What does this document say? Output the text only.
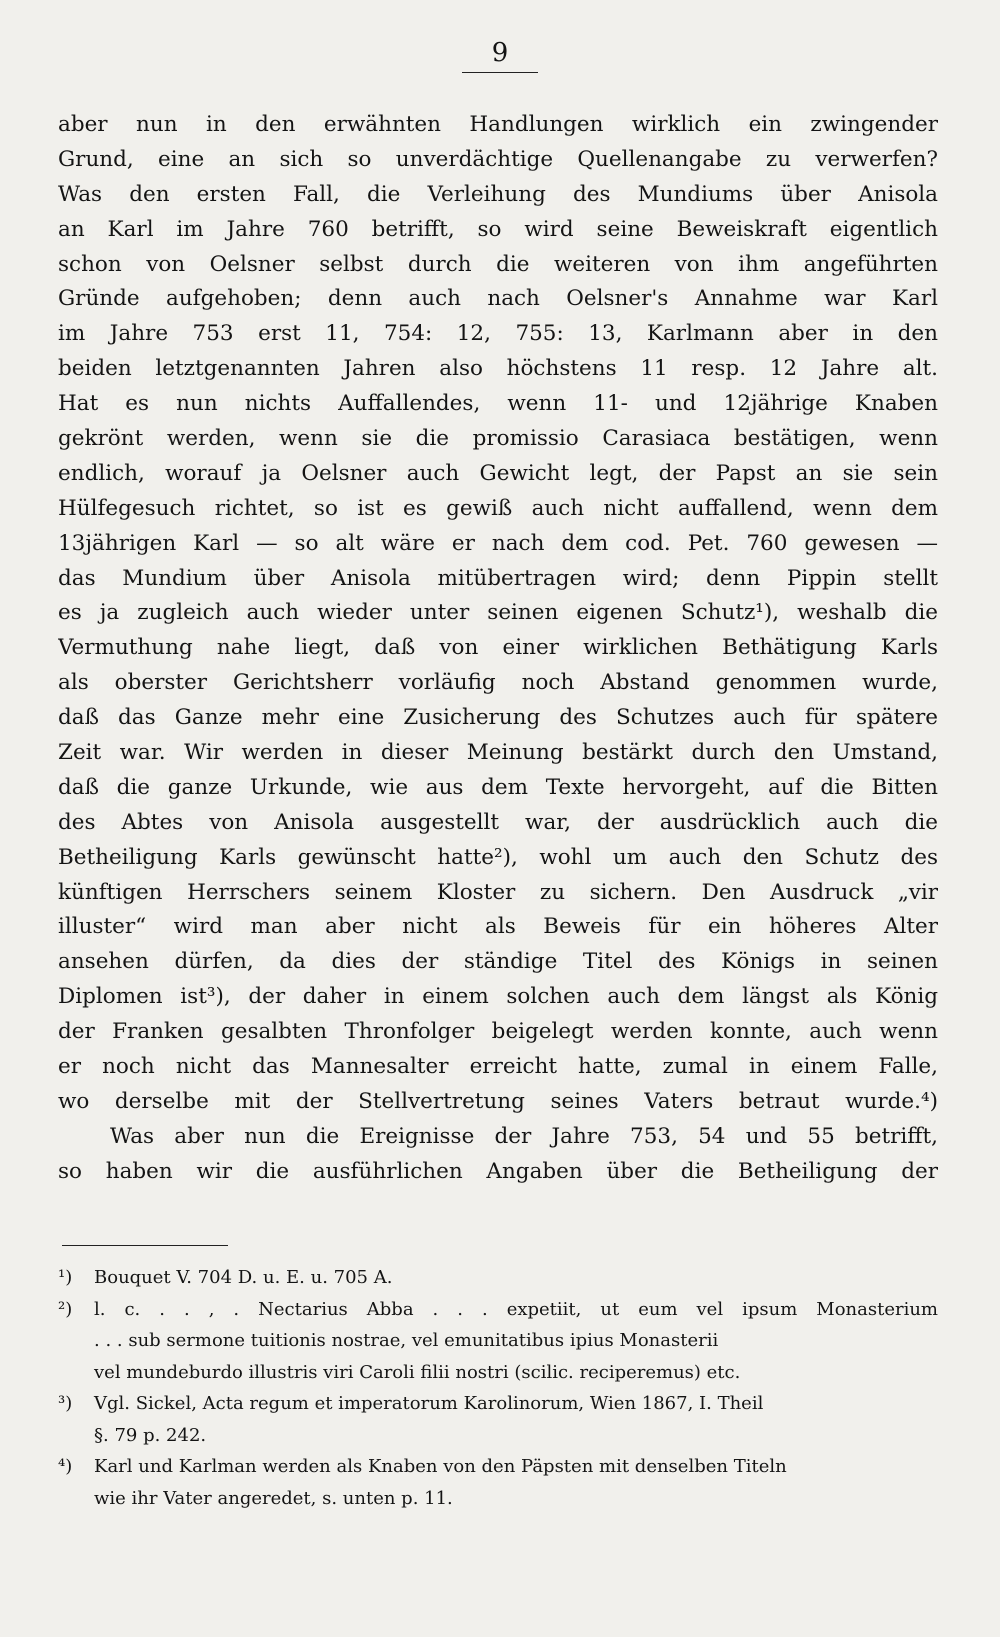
9
aber nun in den erwähnten Handlungen wirklich ein zwingender
Grund, eine an sich so unverdächtige Quellenangabe zu verwerfen?
Was den ersten Fall, die Verleihung des Mundiums über Anisola
an Karl im Jahre 760 betrifft, so wird seine Beweiskraft eigentlich
schon von Oelsner selbst durch die weiteren von ihm angeführten
Gründe aufgehoben; denn auch nach Oelsner's Annahme war Karl
im Jahre 753 erst 11, 754: 12, 755: 13, Karlmann aber in den
beiden letztgenannten Jahren also höchstens 11 resp. 12 Jahre alt.
Hat es nun nichts Auffallendes, wenn 11- und 12jährige Knaben
gekrönt werden, wenn sie die promissio Carasiaca bestätigen, wenn
endlich, worauf ja Oelsner auch Gewicht legt, der Papst an sie sein
Hülfegesuch richtet, so ist es gewiß auch nicht auffallend, wenn dem
13jährigen Karl — so alt wäre er nach dem cod. Pet. 760 gewesen —
das Mundium über Anisola mitübertragen wird; denn Pippin stellt
es ja zugleich auch wieder unter seinen eigenen Schutz¹), weshalb die
Vermuthung nahe liegt, daß von einer wirklichen Bethätigung Karls
als oberster Gerichtsherr vorläufig noch Abstand genommen wurde,
daß das Ganze mehr eine Zusicherung des Schutzes auch für spätere
Zeit war. Wir werden in dieser Meinung bestärkt durch den Umstand,
daß die ganze Urkunde, wie aus dem Texte hervorgeht, auf die Bitten
des Abtes von Anisola ausgestellt war, der ausdrücklich auch die
Betheiligung Karls gewünscht hatte²), wohl um auch den Schutz des
künftigen Herrschers seinem Kloster zu sichern. Den Ausdruck „vir
illuster“ wird man aber nicht als Beweis für ein höheres Alter
ansehen dürfen, da dies der ständige Titel des Königs in seinen
Diplomen ist³), der daher in einem solchen auch dem längst als König
der Franken gesalbten Thronfolger beigelegt werden konnte, auch wenn
er noch nicht das Mannesalter erreicht hatte, zumal in einem Falle,
wo derselbe mit der Stellvertretung seines Vaters betraut wurde.⁴)
Was aber nun die Ereignisse der Jahre 753, 54 und 55 betrifft,
so haben wir die ausführlichen Angaben über die Betheiligung der
¹) Bouquet V. 704 D. u. E. u. 705 A.
²) l. c. . . , . Nectarius Abba . . . expetiit, ut eum vel ipsum Monasterium
. . . sub sermone tuitionis nostrae, vel emunitatibus ipius Monasterii
vel mundeburdo illustris viri Caroli filii nostri (scilic. reciperemus) etc.
³) Vgl. Sickel, Acta regum et imperatorum Karolinorum, Wien 1867, I. Theil
§. 79 p. 242.
⁴) Karl und Karlman werden als Knaben von den Päpsten mit denselben Titeln
wie ihr Vater angeredet, s. unten p. 11.
